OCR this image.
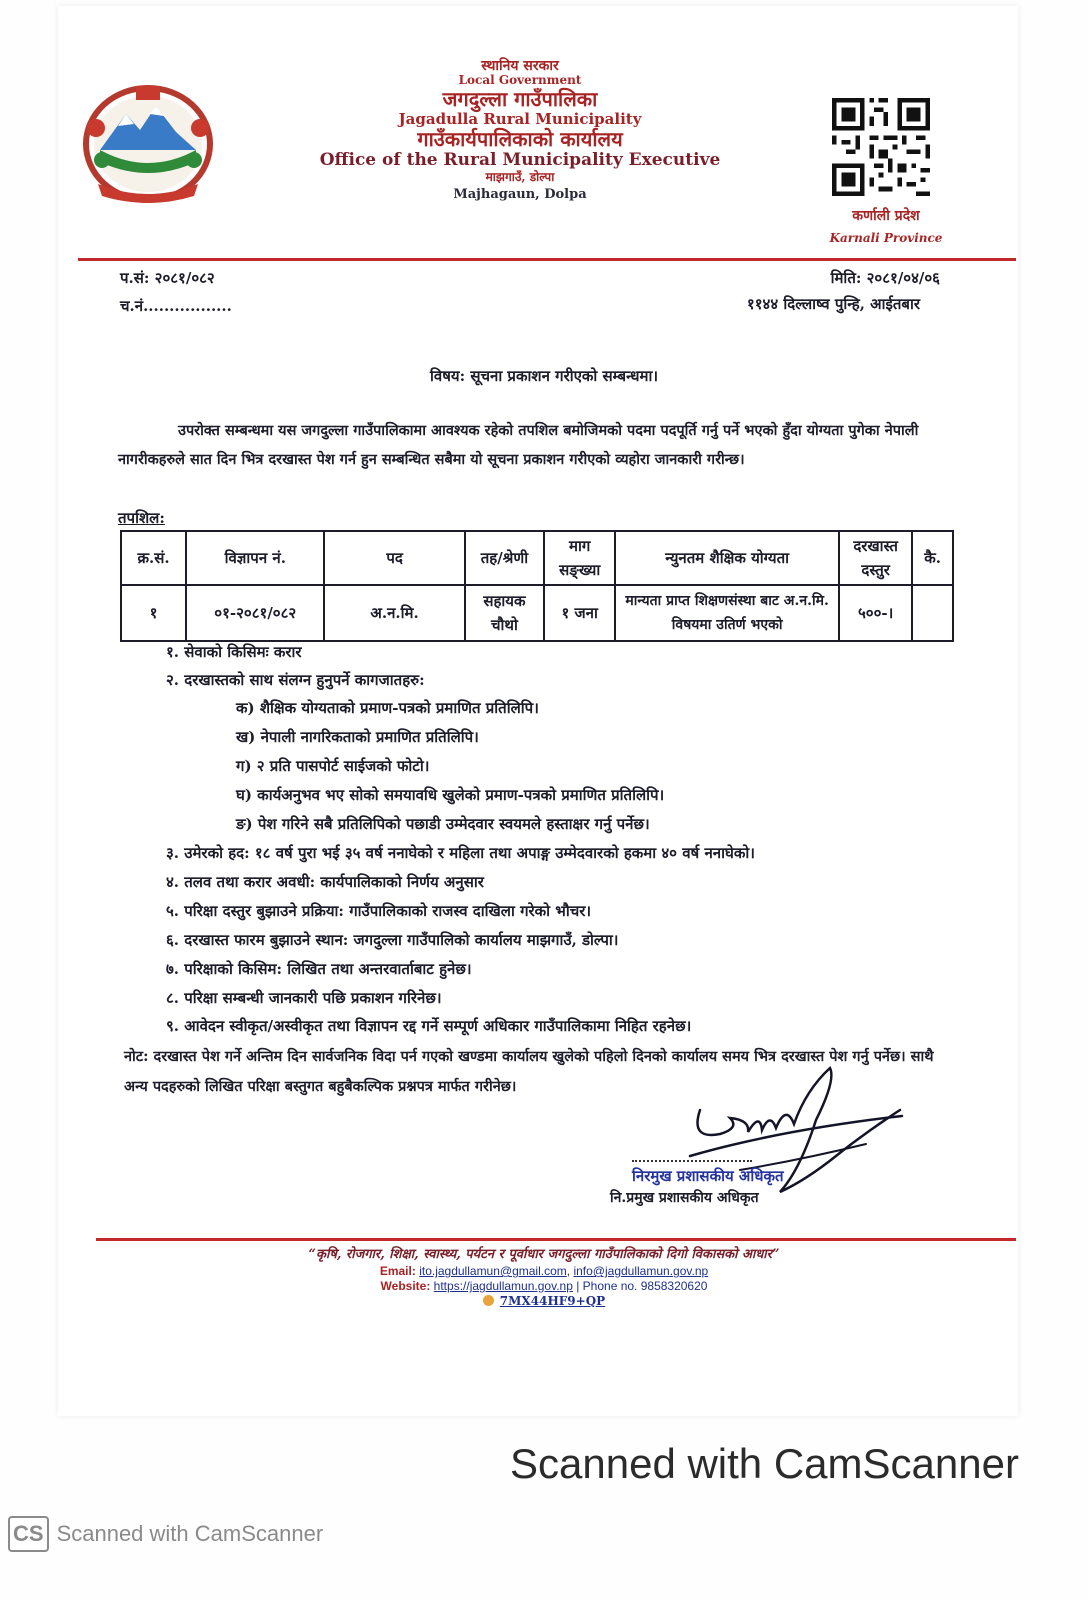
स्थानिय सरकार
Local Government
जगदुल्ला गाउँपालिका
Jagadulla Rural Municipality
गाउँकार्यपालिकाको कार्यालय
Office of the Rural Municipality Executive
माझगाउँ, डोल्पा
Majhagaun, Dolpa
कर्णाली प्रदेश
Karnali Province
प.सं: २०८१/०८२
च.नं.................
मिति: २०८१/०४/०६
११४४ दिल्लाष्व पुन्हि, आईतबार
विषय: सूचना प्रकाशन गरीएको सम्बन्धमा।
उपरोक्त सम्बन्धमा यस जगदुल्ला गाउँपालिकामा आवश्यक रहेको तपशिल बमोजिमको पदमा पदपूर्ति गर्नु पर्ने भएको हुँदा योग्यता पुगेका नेपाली नागरीकहरुले सात दिन भित्र दरखास्त पेश गर्न हुन सम्बन्धित सबैमा यो सूचना प्रकाशन गरीएको व्यहोरा जानकारी गरीन्छ।
तपशिल:
क्र.सं.	विज्ञापन नं.	पद	तह/श्रेणी	माग सङ्ख्या	न्युनतम शैक्षिक योग्यता	दरखास्त दस्तुर	कै.
१	०१-२०८१/०८२	अ.न.मि.	सहायक चौथो	१ जना	मान्यता प्राप्त शिक्षणसंस्था बाट अ.न.मि. विषयमा उतिर्ण भएको	५००-।	
१. सेवाको किसिमः करार
२. दरखास्तको साथ संलग्न हुनुपर्ने कागजातहरु:
क) शैक्षिक योग्यताको प्रमाण-पत्रको प्रमाणित प्रतिलिपि।
ख) नेपाली नागरिकताको प्रमाणित प्रतिलिपि।
ग) २ प्रति पासपोर्ट साईजको फोटो।
घ) कार्यअनुभव भए सोको समयावधि खुलेको प्रमाण-पत्रको प्रमाणित प्रतिलिपि।
ङ) पेश गरिने सबै प्रतिलिपिको पछाडी उम्मेदवार स्वयमले हस्ताक्षर गर्नु पर्नेछ।
३. उमेरको हद: १८ वर्ष पुरा भई ३५ वर्ष ननाघेको र महिला तथा अपाङ्ग उम्मेदवारको हकमा ४० वर्ष ननाघेको।
४. तलव तथा करार अवधी: कार्यपालिकाको निर्णय अनुसार
५. परिक्षा दस्तुर बुझाउने प्रक्रिया: गाउँपालिकाको राजस्व दाखिला गरेको भौचर।
६. दरखास्त फारम बुझाउने स्थान: जगदुल्ला गाउँपालिको कार्यालय माझगाउँ, डोल्पा।
७. परिक्षाको किसिम: लिखित तथा अन्तरवार्ताबाट हुनेछ।
८. परिक्षा सम्बन्धी जानकारी पछि प्रकाशन गरिनेछ।
९. आवेदन स्वीकृत/अस्वीकृत तथा विज्ञापन रद्द गर्ने सम्पूर्ण अधिकार गाउँपालिकामा निहित रहनेछ।
नोट: दरखास्त पेश गर्ने अन्तिम दिन सार्वजनिक विदा पर्न गएको खण्डमा कार्यालय खुलेको पहिलो दिनको कार्यालय समय भित्र दरखास्त पेश गर्नु पर्नेछ। साथै अन्य पदहरुको लिखित परिक्षा बस्तुगत बहुबैकल्पिक प्रश्नपत्र मार्फत गरीनेछ।
निरमुख प्रशासकीय अधिकृत
नि.प्रमुख प्रशासकीय अधिकृत
“कृषि, रोजगार, शिक्षा, स्वास्थ्य, पर्यटन र पूर्वाधार जगदुल्ला गाउँपालिकाको दिगो विकासको आधार”
Email: ito.jagdullamun@gmail.com, info@jagdullamun.gov.np
Website: https://jagdullamun.gov.np | Phone no. 9858320620
7MX44HF9+QP
Scanned with CamScanner
CS Scanned with CamScanner
